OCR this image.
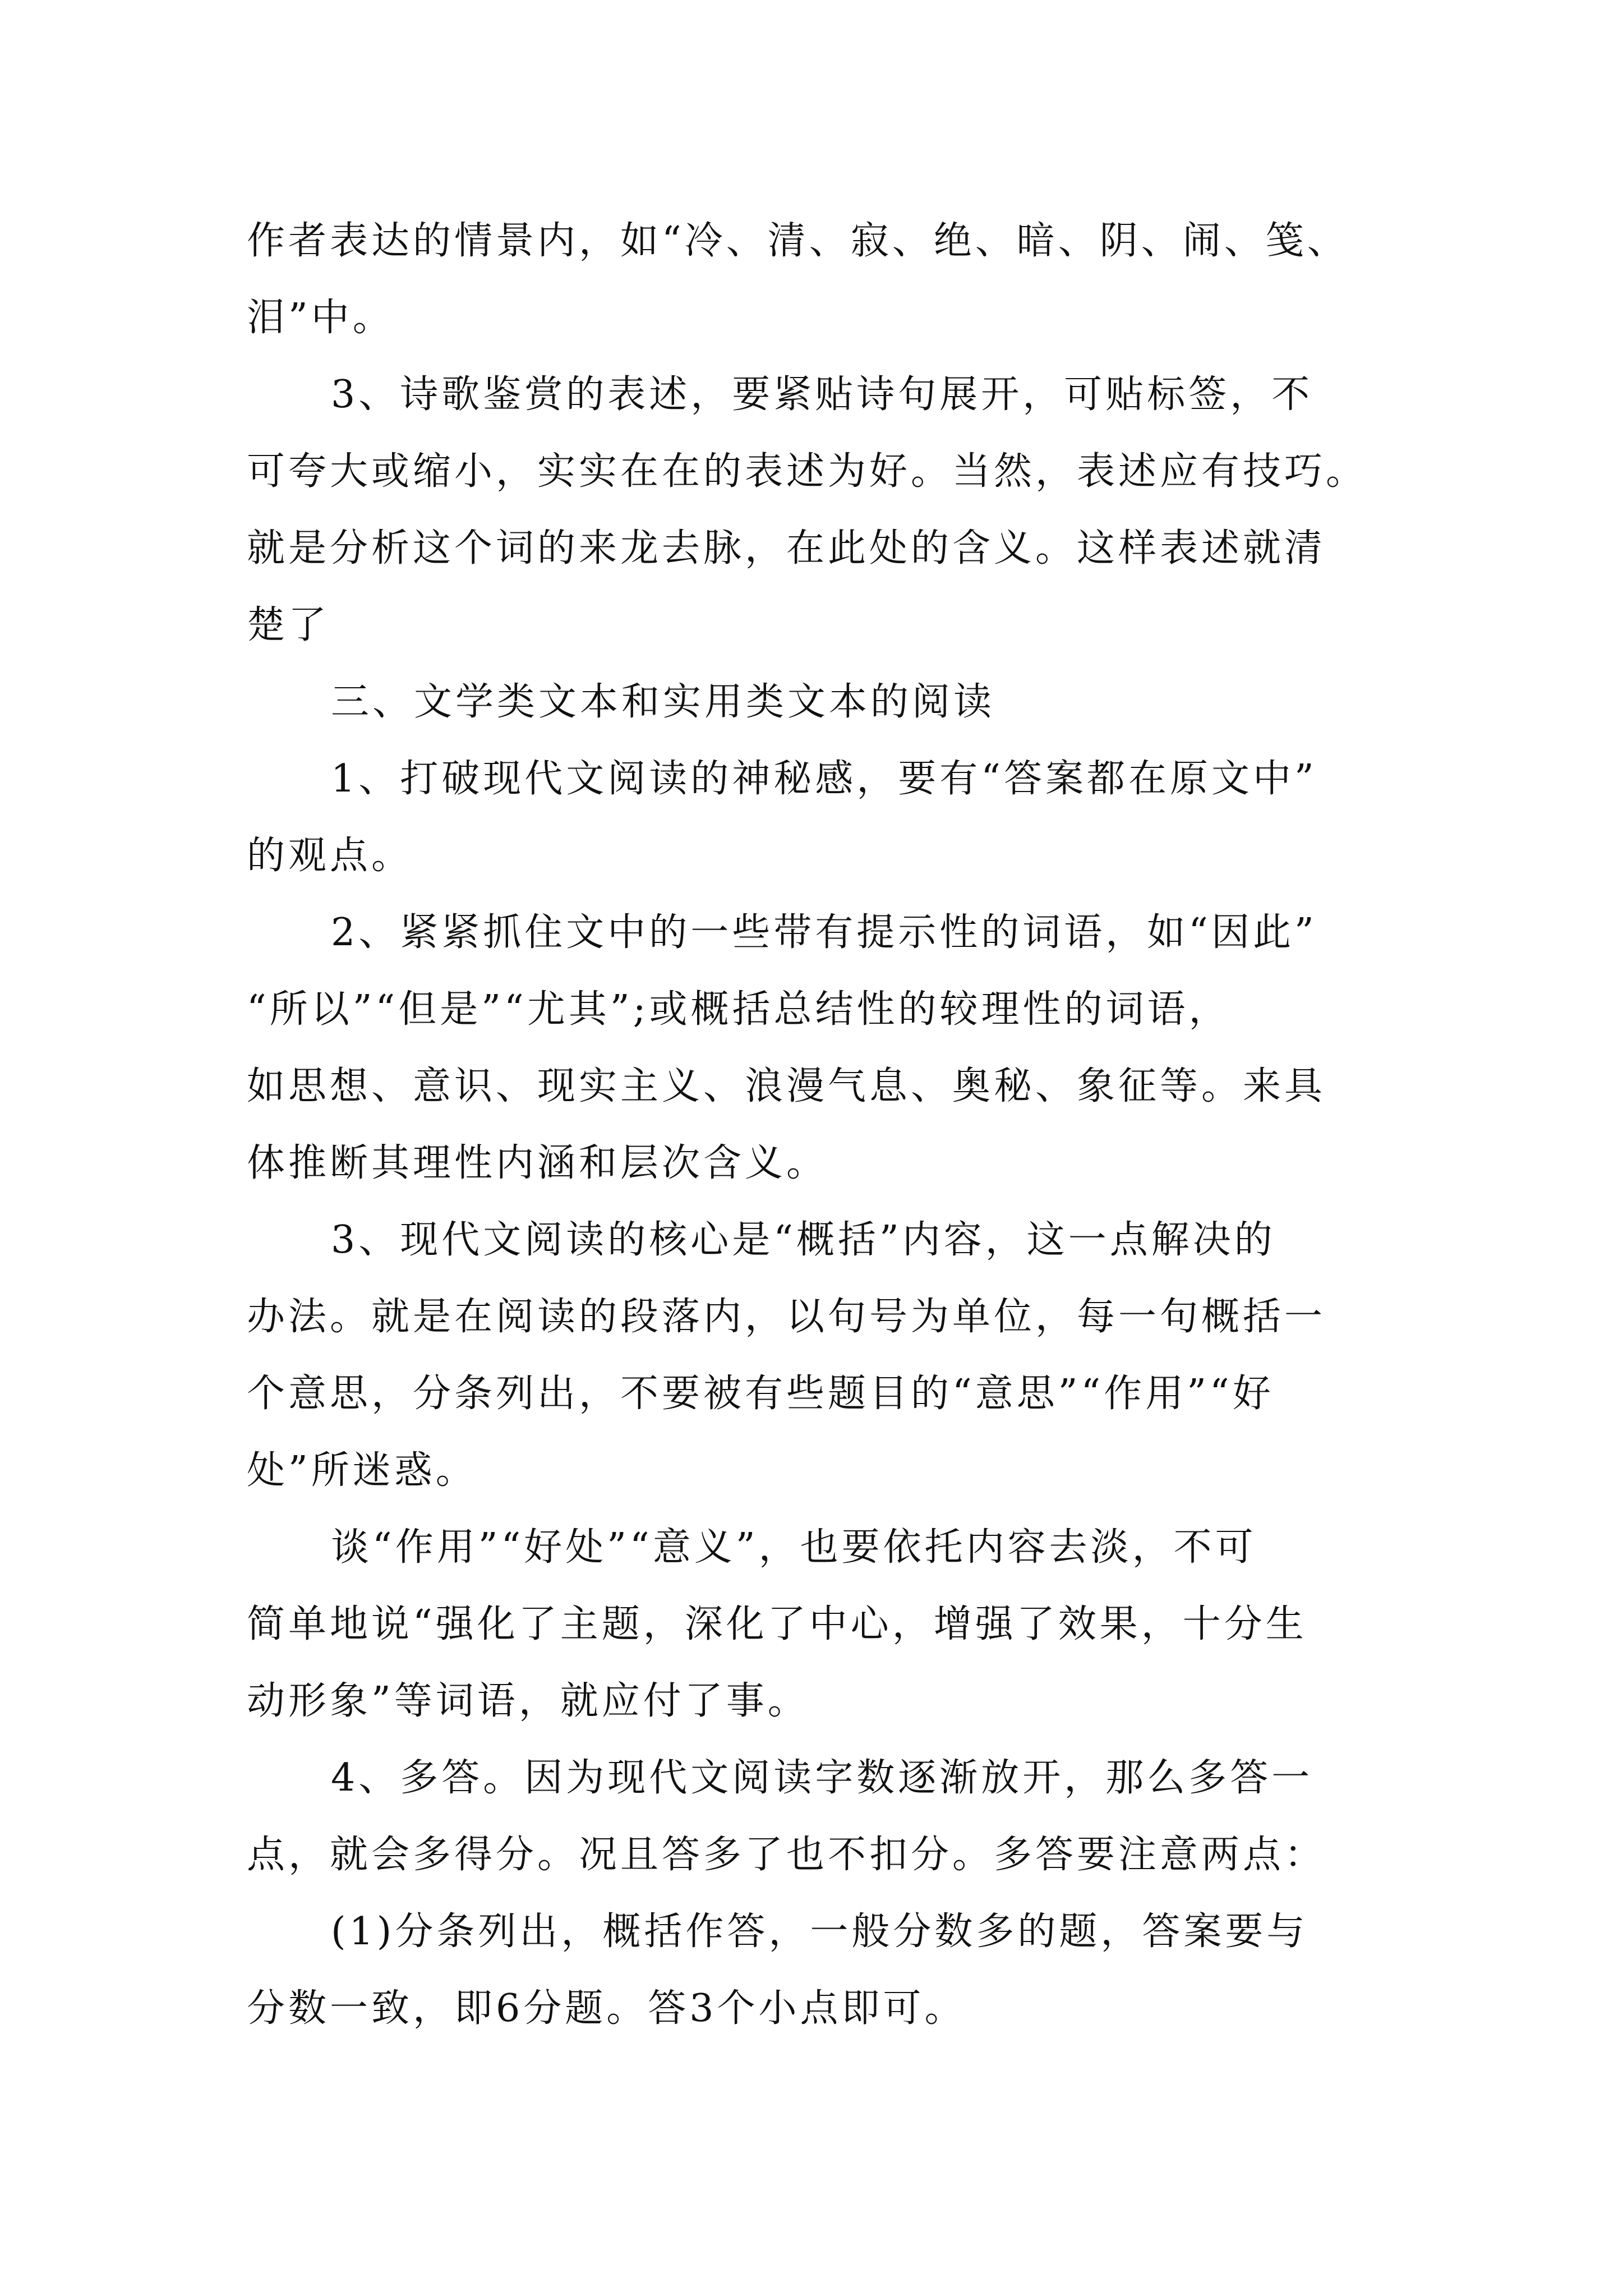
作者表达的情景内，如“冷、清、寂、绝、暗、阴、闹、笺、
泪”中。
3、诗歌鉴赏的表述，要紧贴诗句展开，可贴标签，不
可夸大或缩小，实实在在的表述为好。当然，表述应有技巧。
就是分析这个词的来龙去脉，在此处的含义。这样表述就清
楚了
三、文学类文本和实用类文本的阅读
1、打破现代文阅读的神秘感，要有“答案都在原文中”
的观点。
2、紧紧抓住文中的一些带有提示性的词语，如“因此”
“所以”“但是”“尤其”;或概括总结性的较理性的词语，
如思想、意识、现实主义、浪漫气息、奥秘、象征等。来具
体推断其理性内涵和层次含义。
3、现代文阅读的核心是“概括”内容，这一点解决的
办法。就是在阅读的段落内，以句号为单位，每一句概括一
个意思，分条列出，不要被有些题目的“意思”“作用”“好
处”所迷惑。
谈“作用”“好处”“意义”，也要依托内容去淡，不可
简单地说“强化了主题，深化了中心，增强了效果，十分生
动形象”等词语，就应付了事。
4、多答。因为现代文阅读字数逐渐放开，那么多答一
点，就会多得分。况且答多了也不扣分。多答要注意两点：
(1)分条列出，概括作答，一般分数多的题，答案要与
分数一致，即6分题。答3个小点即可。
